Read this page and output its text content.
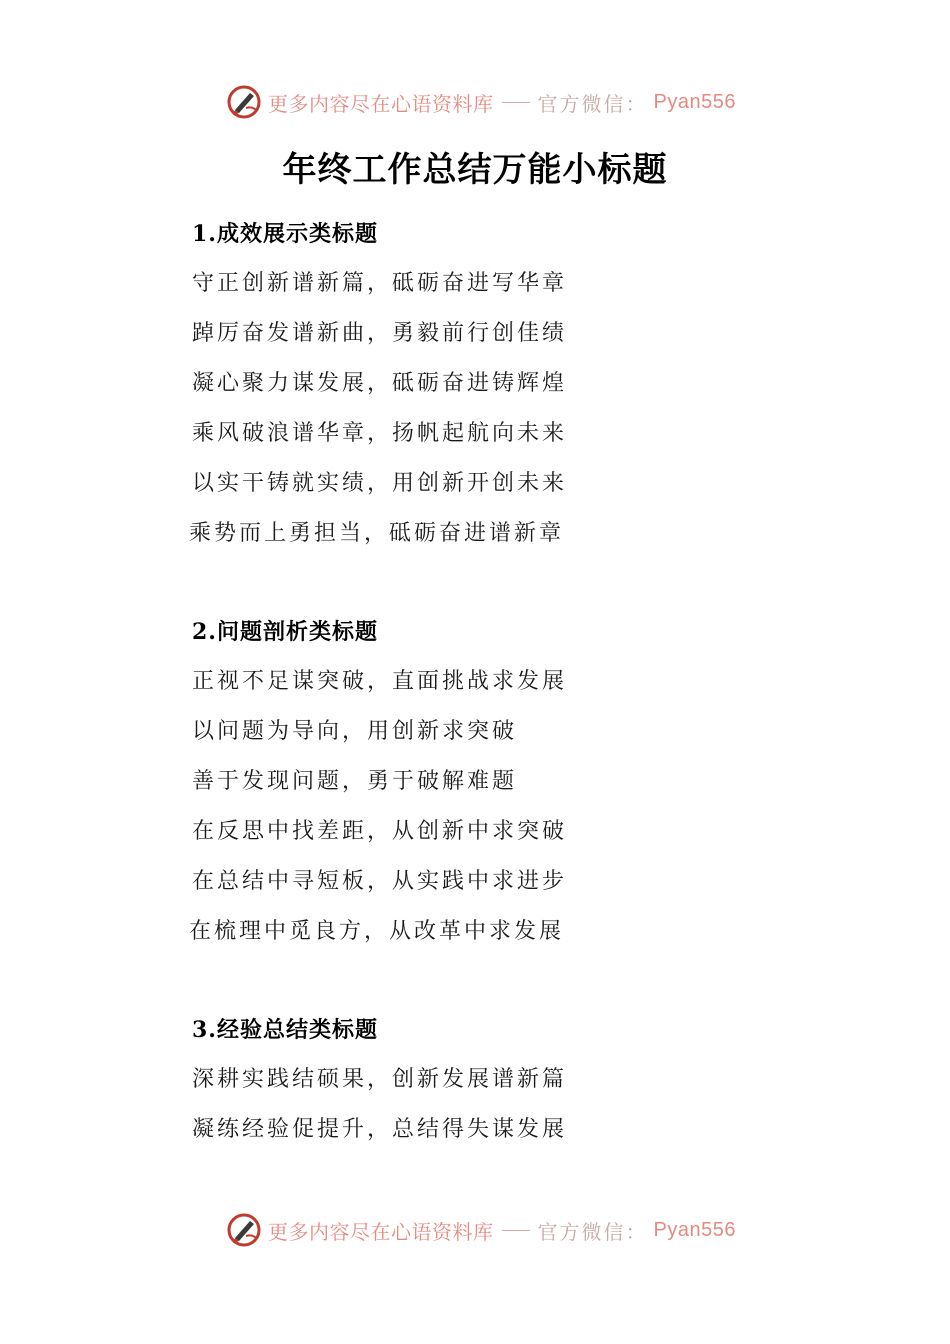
更多内容尽在心语资料库 官方微信： Pyan556
年终工作总结万能小标题
1.成效展示类标题
守正创新谱新篇，砥砺奋进写华章
踔厉奋发谱新曲，勇毅前行创佳绩
凝心聚力谋发展，砥砺奋进铸辉煌
乘风破浪谱华章，扬帆起航向未来
以实干铸就实绩，用创新开创未来
乘势而上勇担当，砥砺奋进谱新章
2.问题剖析类标题
正视不足谋突破，直面挑战求发展
以问题为导向，用创新求突破
善于发现问题，勇于破解难题
在反思中找差距，从创新中求突破
在总结中寻短板，从实践中求进步
在梳理中觅良方，从改革中求发展
3.经验总结类标题
深耕实践结硕果，创新发展谱新篇
凝练经验促提升，总结得失谋发展
更多内容尽在心语资料库 官方微信： Pyan556
